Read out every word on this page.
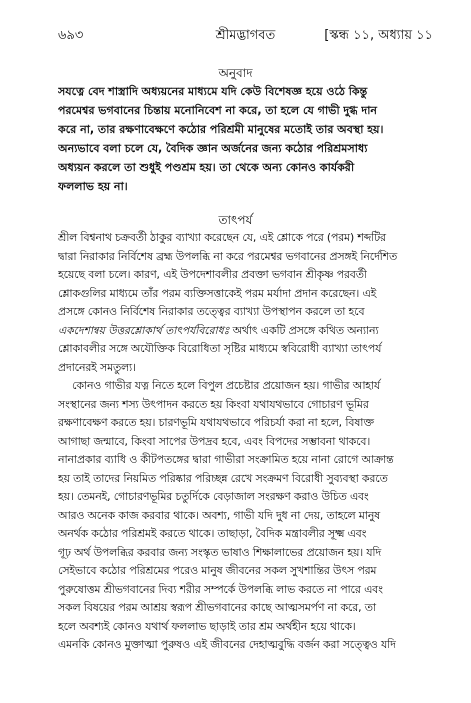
৬৯৩	শ্রীমদ্ভাগবত	[স্কন্ধ ১১, অধ্যায় ১১
অনুবাদ
সযত্নে বেদ শাস্ত্রাদি অধ্যয়নের মাধ্যমে যদি কেউ বিশেষজ্ঞ হয়ে ওঠে কিন্তু
পরমেশ্বর ভগবানের চিন্তায় মনোনিবেশ না করে, তা হলে যে গাভী দুগ্ধ দান
করে না, তার রক্ষণাবেক্ষণে কঠোর পরিশ্রমী মানুষের মতোই তার অবস্থা হয়।
অন্যভাবে বলা চলে যে, বৈদিক জ্ঞান অর্জনের জন্য কঠোর পরিশ্রমসাধ্য
অধ্যয়ন করলে তা শুধুই পণ্ডশ্রম হয়। তা থেকে অন্য কোনও কার্যকরী
ফললাভ হয় না।
তাৎপর্য
শ্রীল বিশ্বনাথ চক্রবর্তী ঠাকুর ব্যাখ্যা করেছেন যে, এই শ্লোকে পরে (পরম) শব্দটির
দ্বারা নিরাকার নির্বিশেষ ব্রহ্ম উপলব্ধি না করে পরমেশ্বর ভগবানের প্রসঙ্গই নির্দেশিত
হয়েছে বলা চলে। কারণ, এই উপদেশাবলীর প্রবক্তা ভগবান শ্রীকৃষ্ণ পরবর্তী
শ্লোকগুলির মাধ্যমে তাঁর পরম ব্যক্তিসত্তাকেই পরম মর্যাদা প্রদান করেছেন। এই
প্রসঙ্গে কোনও নির্বিশেষ নিরাকার তত্ত্বের ব্যাখ্যা উপস্থাপন করলে তা হবে
একদেশান্বয় উত্তরশ্লোকার্থ তাৎপর্যবিরোধঃ অর্থাৎ একটি প্রসঙ্গে কথিত অন্যান্য
শ্লোকাবলীর সঙ্গে অযৌক্তিক বিরোধিতা সৃষ্টির মাধ্যমে স্ববিরোধী ব্যাখ্যা তাৎপর্য
প্রদানেরই সমতুল্য।
কোনও গাভীর যত্ন নিতে হলে বিপুল প্রচেষ্টার প্রয়োজন হয়। গাভীর আহার্য
সংস্থানের জন্য শস্য উৎপাদন করতে হয় কিংবা যথাযথভাবে গোচারণ ভূমির
রক্ষণাবেক্ষণ করতে হয়। চারণভূমি যথাযথভাবে পরিচর্যা করা না হলে, বিষাক্ত
আগাছা জন্মাবে, কিংবা সাপের উপদ্রব হবে, এবং বিপদের সম্ভাবনা থাকবে।
নানাপ্রকার ব্যাধি ও কীটপতঙ্গের দ্বারা গাভীরা সংক্রামিত হয়ে নানা রোগে আক্রান্ত
হয় তাই তাদের নিয়মিত পরিষ্কার পরিচ্ছন্ন রেখে সংক্রমণ বিরোধী সুব্যবস্থা করতে
হয়। তেমনই, গোচারণভূমির চতুর্দিকে বেড়াজাল সংরক্ষণ করাও উচিত এবং
আরও অনেক কাজ করবার থাকে। অবশ্য, গাভী যদি দুধ না দেয়, তাহলে মানুষ
অনর্থক কঠোর পরিশ্রমই করতে থাকে। তাছাড়া, বৈদিক মন্ত্রাবলীর সূক্ষ্ম এবং
গূঢ় অর্থ উপলব্ধির করবার জন্য সংস্কৃত ভাষাও শিক্ষালাভের প্রয়োজন হয়। যদি
সেইভাবে কঠোর পরিশ্রমের পরেও মানুষ জীবনের সকল সুখশান্তির উৎস পরম
পুরুষোত্তম শ্রীভগবানের দিব্য শরীর সম্পর্কে উপলব্ধি লাভ করতে না পারে এবং
সকল বিষয়ের পরম আশ্রয় স্বরূপ শ্রীভগবানের কাছে আত্মসমর্পণ না করে, তা
হলে অবশ্যই কোনও যথার্থ ফললাভ ছাড়াই তার শ্রম অর্থহীন হয়ে থাকে।
এমনকি কোনও মুক্তাত্মা পুরুষও এই জীবনের দেহাত্মবুদ্ধি বর্জন করা সত্ত্বেও যদি
